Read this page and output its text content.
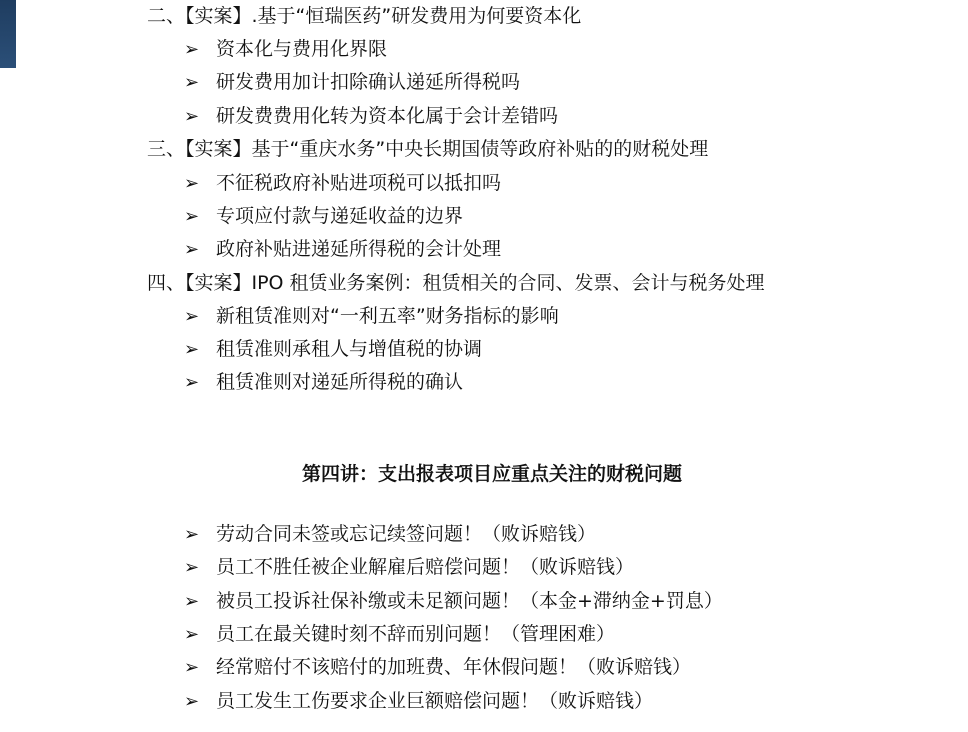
二、【实案】.基于“恒瑞医药”研发费用为何要资本化
➢ 资本化与费用化界限
➢ 研发费用加计扣除确认递延所得税吗
➢ 研发费费用化转为资本化属于会计差错吗
三、【实案】基于“重庆水务”中央长期国债等政府补贴的的财税处理
➢ 不征税政府补贴进项税可以抵扣吗
➢ 专项应付款与递延收益的边界
➢ 政府补贴进递延所得税的会计处理
四、【实案】IPO 租赁业务案例：租赁相关的合同、发票、会计与税务处理
➢ 新租赁准则对“一利五率”财务指标的影响
➢ 租赁准则承租人与增值税的协调
➢ 租赁准则对递延所得税的确认
第四讲：支出报表项目应重点关注的财税问题
➢ 劳动合同未签或忘记续签问题！（败诉赔钱）
➢ 员工不胜任被企业解雇后赔偿问题！（败诉赔钱）
➢ 被员工投诉社保补缴或未足额问题！（本金+滞纳金+罚息）
➢ 员工在最关键时刻不辞而别问题！（管理困难）
➢ 经常赔付不该赔付的加班费、年休假问题！（败诉赔钱）
➢ 员工发生工伤要求企业巨额赔偿问题！（败诉赔钱）
